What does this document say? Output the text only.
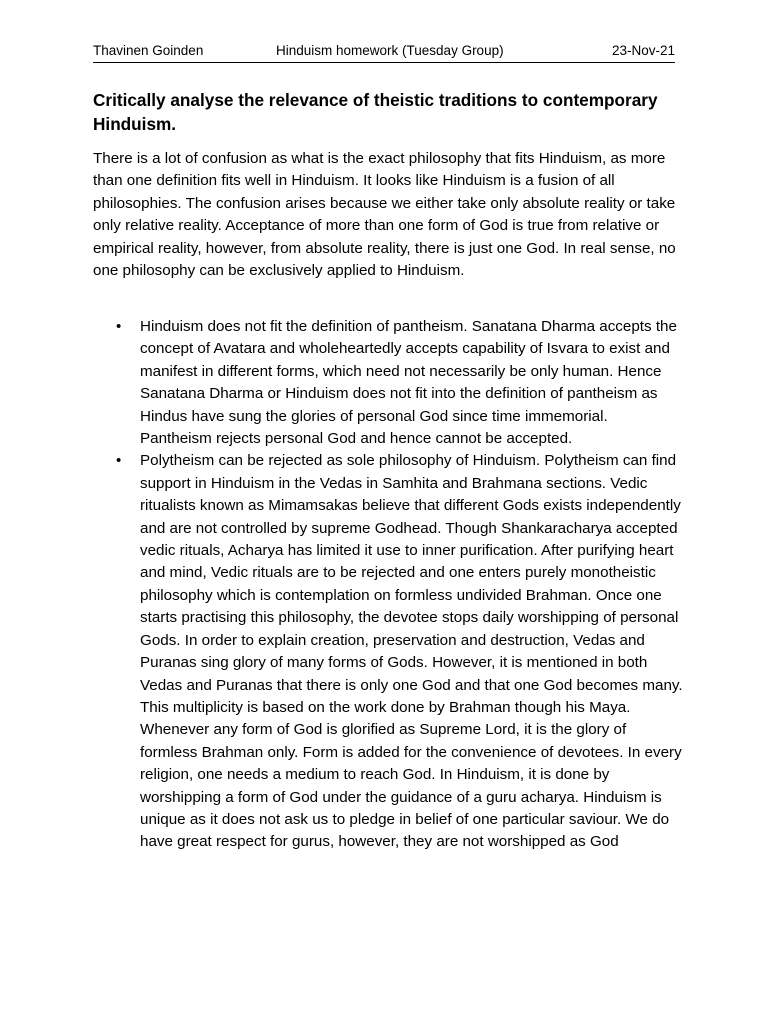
Thavinen Goinden	Hinduism homework (Tuesday Group)	23-Nov-21
Critically analyse the relevance of theistic traditions to contemporary Hinduism.

There is a lot of confusion as what is the exact philosophy that fits Hinduism, as more than one definition fits well in Hinduism. It looks like Hinduism is a fusion of all philosophies. The confusion arises because we either take only absolute reality or take only relative reality. Acceptance of more than one form of God is true from relative or empirical reality, however, from absolute reality, there is just one God. In real sense, no one philosophy can be exclusively applied to Hinduism.

• Hinduism does not fit the definition of pantheism. Sanatana Dharma accepts the concept of Avatara and wholeheartedly accepts capability of Isvara to exist and manifest in different forms, which need not necessarily be only human. Hence Sanatana Dharma or Hinduism does not fit into the definition of pantheism as Hindus have sung the glories of personal God since time immemorial. Pantheism rejects personal God and hence cannot be accepted.
• Polytheism can be rejected as sole philosophy of Hinduism. Polytheism can find support in Hinduism in the Vedas in Samhita and Brahmana sections. Vedic ritualists known as Mimamsakas believe that different Gods exists independently and are not controlled by supreme Godhead. Though Shankaracharya accepted vedic rituals, Acharya has limited it use to inner purification. After purifying heart and mind, Vedic rituals are to be rejected and one enters purely monotheistic philosophy which is contemplation on formless undivided Brahman. Once one starts practising this philosophy, the devotee stops daily worshipping of personal Gods. In order to explain creation, preservation and destruction, Vedas and Puranas sing glory of many forms of Gods. However, it is mentioned in both Vedas and Puranas that there is only one God and that one God becomes many. This multiplicity is based on the work done by Brahman though his Maya. Whenever any form of God is glorified as Supreme Lord, it is the glory of formless Brahman only. Form is added for the convenience of devotees. In every religion, one needs a medium to reach God. In Hinduism, it is done by worshipping a form of God under the guidance of a guru acharya. Hinduism is unique as it does not ask us to pledge in belief of one particular saviour. We do have great respect for gurus, however, they are not worshipped as God
